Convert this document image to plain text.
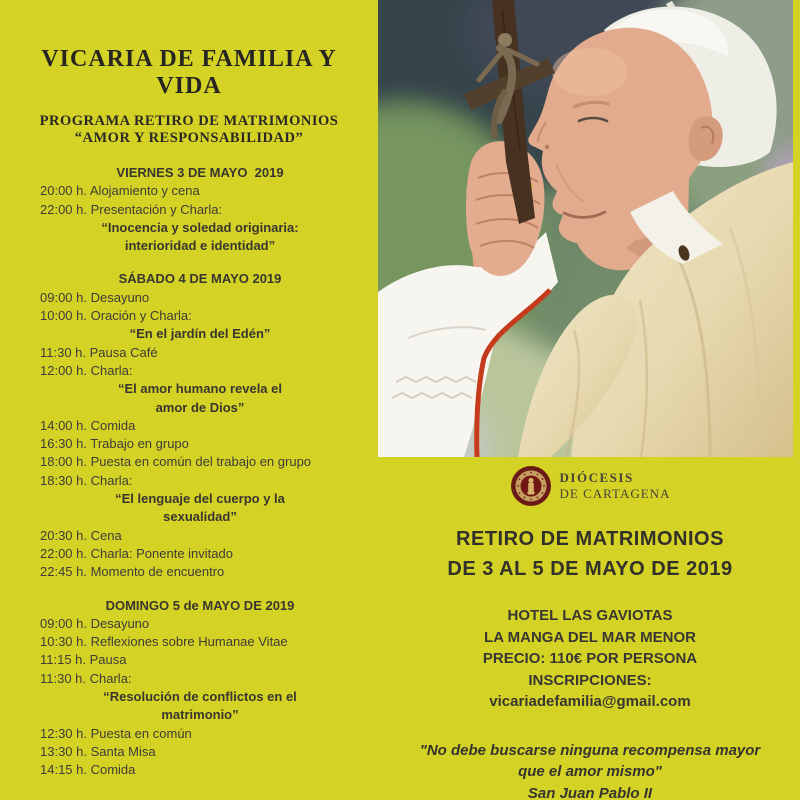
VICARIA DE FAMILIA Y VIDA
PROGRAMA RETIRO DE MATRIMONIOS
“AMOR Y RESPONSABILIDAD”
VIERNES 3 DE MAYO  2019
20:00 h. Alojamiento y cena
22:00 h. Presentación y Charla:
“Inocencia y soledad originaria:
interioridad e identidad”
SÁBADO 4 DE MAYO 2019
09:00 h. Desayuno
10:00 h. Oración y Charla:
“En el jardín del Edén”
11:30 h. Pausa Café
12:00 h. Charla:
“El amor humano revela el
amor de Dios”
14:00 h. Comida
16:30 h. Trabajo en grupo
18:00 h. Puesta en común del trabajo en grupo
18:30 h. Charla:
“El lenguaje del cuerpo y la
sexualidad”
20:30 h. Cena
22:00 h. Charla: Ponente invitado
22:45 h. Momento de encuentro
DOMINGO 5 de MAYO DE 2019
09:00 h. Desayuno
10:30 h. Reflexiones sobre Humanae Vitae
11:15 h. Pausa
11:30 h. Charla:
“Resolución de conflictos en el
matrimonio”
12:30 h. Puesta en común
13:30 h. Santa Misa
14:15 h. Comida
DIÓCESIS
DE CARTAGENA
RETIRO DE MATRIMONIOS
DE 3 AL 5 DE MAYO DE 2019
HOTEL LAS GAVIOTAS
LA MANGA DEL MAR MENOR
PRECIO: 110€ POR PERSONA
INSCRIPCIONES:
vicariadefamilia@gmail.com
"No debe buscarse ninguna recompensa mayor
que el amor mismo"
San Juan Pablo II
